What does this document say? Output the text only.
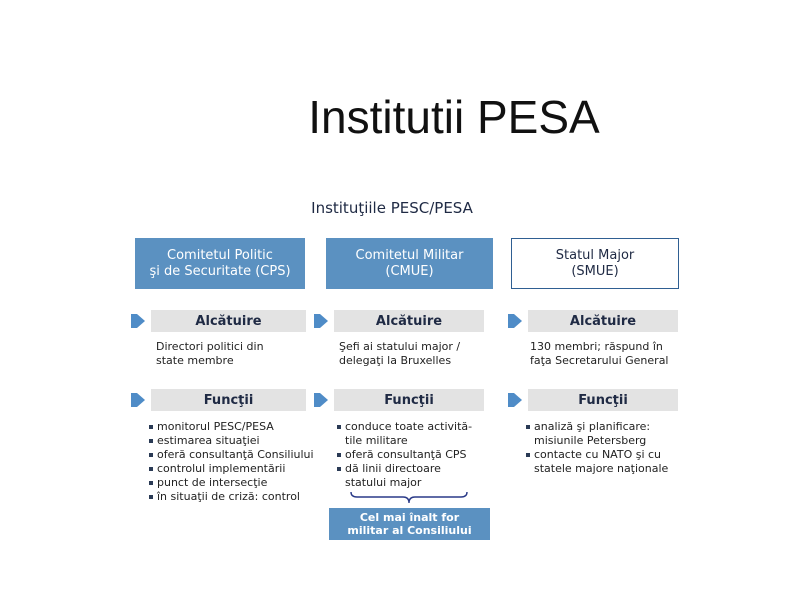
Institutii PESA
Instituţiile PESC/PESA
Comitetul Politic
şi de Securitate (CPS)
Alcătuire
Directori politici din
state membre
Funcţii
monitorul PESC/PESA
estimarea situaţiei
oferă consultanţă Consiliului
controlul implementării
punct de intersecţie
în situaţii de criză: control
Comitetul Militar
(CMUE)
Alcătuire
Şefi ai statului major /
delegaţi la Bruxelles
Funcţii
conduce toate activită-
tile militare
oferă consultanţă CPS
dă linii directoare
statului major
Statul Major
(SMUE)
Alcătuire
130 membri; răspund în
faţa Secretarului General
Funcţii
analiză şi planificare:
misiunile Petersberg
contacte cu NATO şi cu
statele majore naţionale
Cel mai înalt for
militar al Consiliului
